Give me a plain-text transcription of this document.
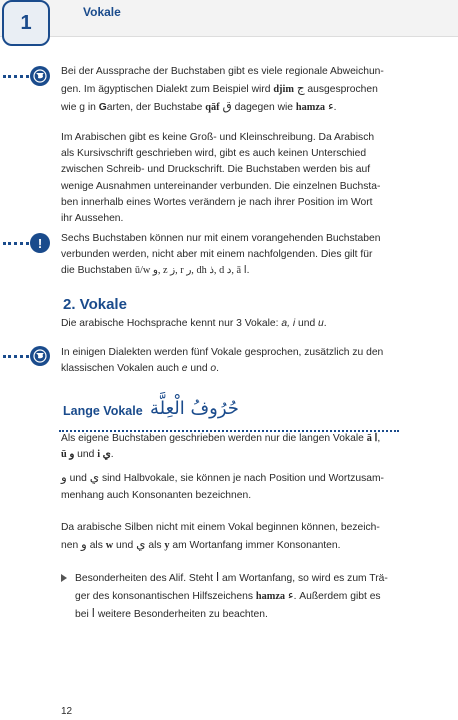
1	Vokale

Bei der Aussprache der Buchstaben gibt es viele regionale Abweichun-

gen. Im ägyptischen Dialekt zum Beispiel wird djim ج ausgesprochen

wie g in Garten, der Buchstabe qāf ق dagegen wie hamza ء.

Im Arabischen gibt es keine Groß- und Kleinschreibung. Da Arabisch

als Kursivschrift geschrieben wird, gibt es auch keinen Unterschied

zwischen Schreib- und Druckschrift. Die Buchstaben werden bis auf

wenige Ausnahmen untereinander verbunden. Die einzelnen Buchsta-

ben innerhalb eines Wortes verändern je nach ihrer Position im Wort

ihr Aussehen.

!	Sechs Buchstaben können nur mit einem vorangehenden Buchstaben

verbunden werden, nicht aber mit einem nachfolgenden. Dies gilt für

die Buchstaben ū/w و, z ز, r ر, dh ذ, d د, ā ا.

2. Vokale

Die arabische Hochsprache kennt nur 3 Vokale: a, i und u.

In einigen Dialekten werden fünf Vokale gesprochen, zusätzlich zu den

klassischen Vokalen auch e und o.

Lange Vokale حُرُوفُ الْعِلَّة

Als eigene Buchstaben geschrieben werden nur die langen Vokale ā ا,

ū و und i ي.

و und ي sind Halbvokale, sie können je nach Position und Wortzusam-

menhang auch Konsonanten bezeichnen.

Da arabische Silben nicht mit einem Vokal beginnen können, bezeich-

nen و als w und ي als y am Wortanfang immer Konsonanten.

Besonderheiten des Alif. Steht ا am Wortanfang, so wird es zum Trä-

ger des konsonantischen Hilfszeichens hamza ء. Außerdem gibt es

bei ا weitere Besonderheiten zu beachten.

12
